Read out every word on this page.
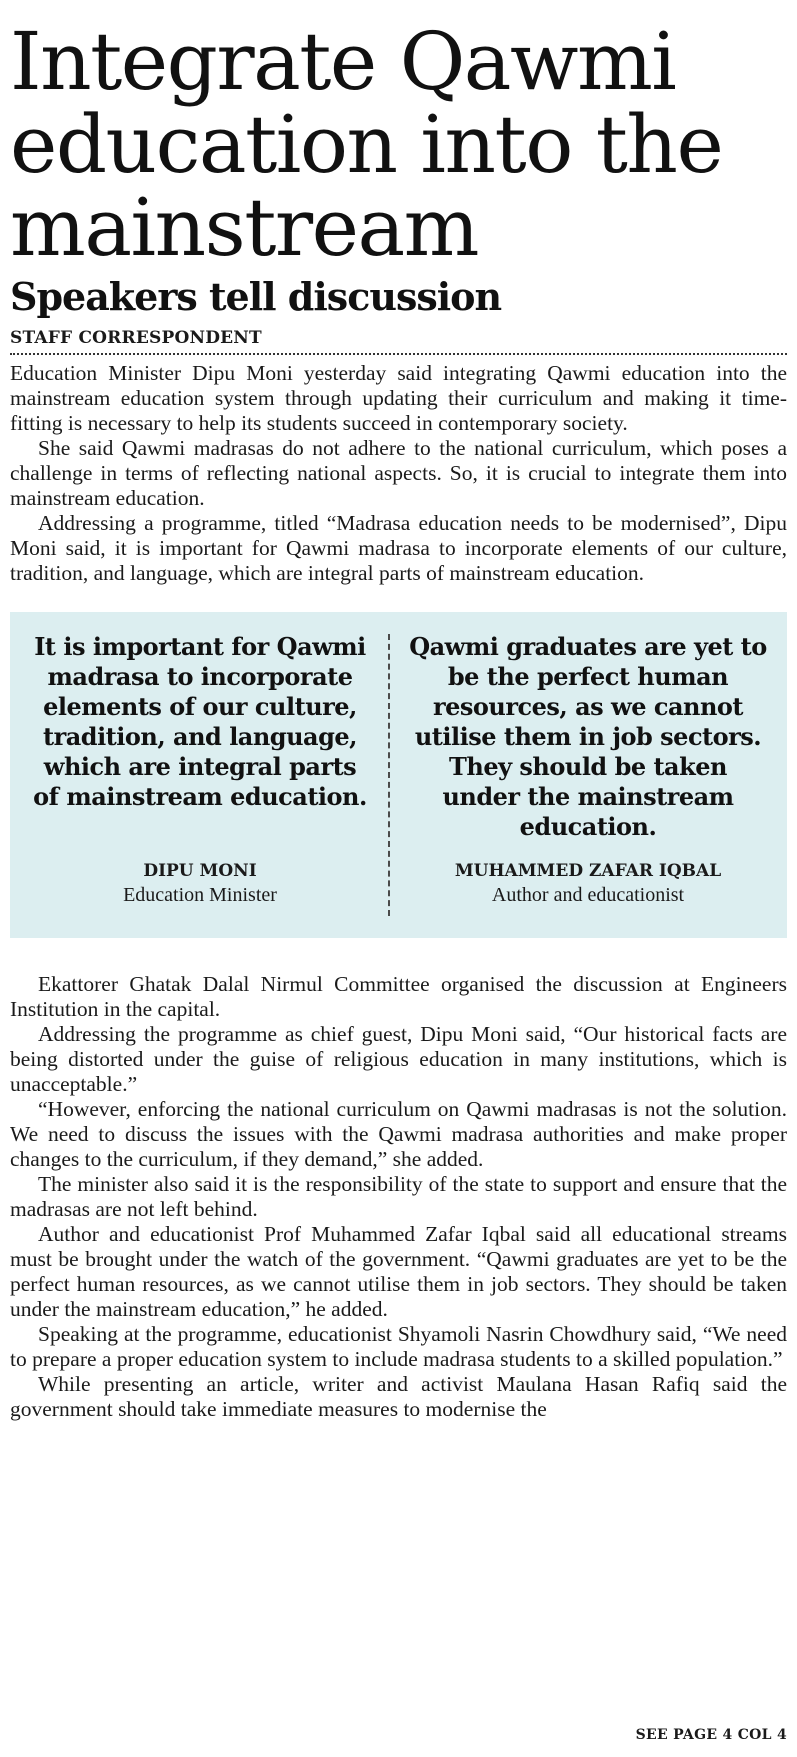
Integrate Qawmi education into the mainstream
Speakers tell discussion
STAFF CORRESPONDENT

Education Minister Dipu Moni yesterday said integrating Qawmi education into the mainstream education system through updating their curriculum and making it time-fitting is necessary to help its students succeed in contemporary society.

She said Qawmi madrasas do not adhere to the national curriculum, which poses a challenge in terms of reflecting national aspects. So, it is crucial to integrate them into mainstream education.

Addressing a programme, titled “Madrasa education needs to be modernised”, Dipu Moni said, it is important for Qawmi madrasa to incorporate elements of our culture, tradition, and language, which are integral parts of mainstream education.

It is important for Qawmi madrasa to incorporate elements of our culture, tradition, and language, which are integral parts of mainstream education.
Qawmi graduates are yet to be the perfect human resources, as we cannot utilise them in job sectors. They should be taken under the mainstream education.
DIPU MONI
Education Minister
MUHAMMED ZAFAR IQBAL
Author and educationist

Ekattorer Ghatak Dalal Nirmul Committee organised the discussion at Engineers Institution in the capital.

Addressing the programme as chief guest, Dipu Moni said, “Our historical facts are being distorted under the guise of religious education in many institutions, which is unacceptable.”

“However, enforcing the national curriculum on Qawmi madrasas is not the solution. We need to discuss the issues with the Qawmi madrasa authorities and make proper changes to the curriculum, if they demand,” she added.

The minister also said it is the responsibility of the state to support and ensure that the madrasas are not left behind.

Author and educationist Prof Muhammed Zafar Iqbal said all educational streams must be brought under the watch of the government. “Qawmi graduates are yet to be the perfect human resources, as we cannot utilise them in job sectors. They should be taken under the mainstream education,” he added.

Speaking at the programme, educationist Shyamoli Nasrin Chowdhury said, “We need to prepare a proper education system to include madrasa students to a skilled population.”

While presenting an article, writer and activist Maulana Hasan Rafiq said the government should take immediate measures to modernise the

SEE PAGE 4 COL 4
